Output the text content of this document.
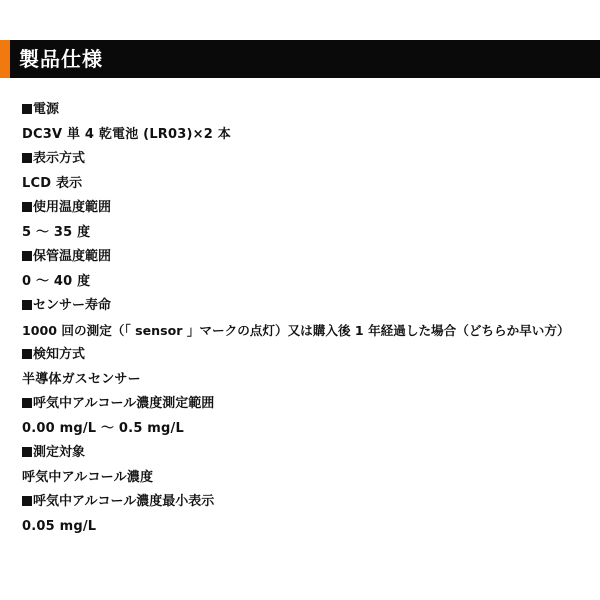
製品仕様
電源
DC3V 単 4 乾電池 (LR03)×2 本
表示方式
LCD 表示
使用温度範囲
5 ～ 35 度
保管温度範囲
0 ～ 40 度
センサー寿命
1000 回の測定（「 sensor 」マークの点灯）又は購入後 1 年経過した場合（どちらか早い方）
検知方式
半導体ガスセンサー
呼気中アルコール濃度測定範囲
0.00 mg/L ～ 0.5 mg/L
測定対象
呼気中アルコール濃度
呼気中アルコール濃度最小表示
0.05 mg/L
